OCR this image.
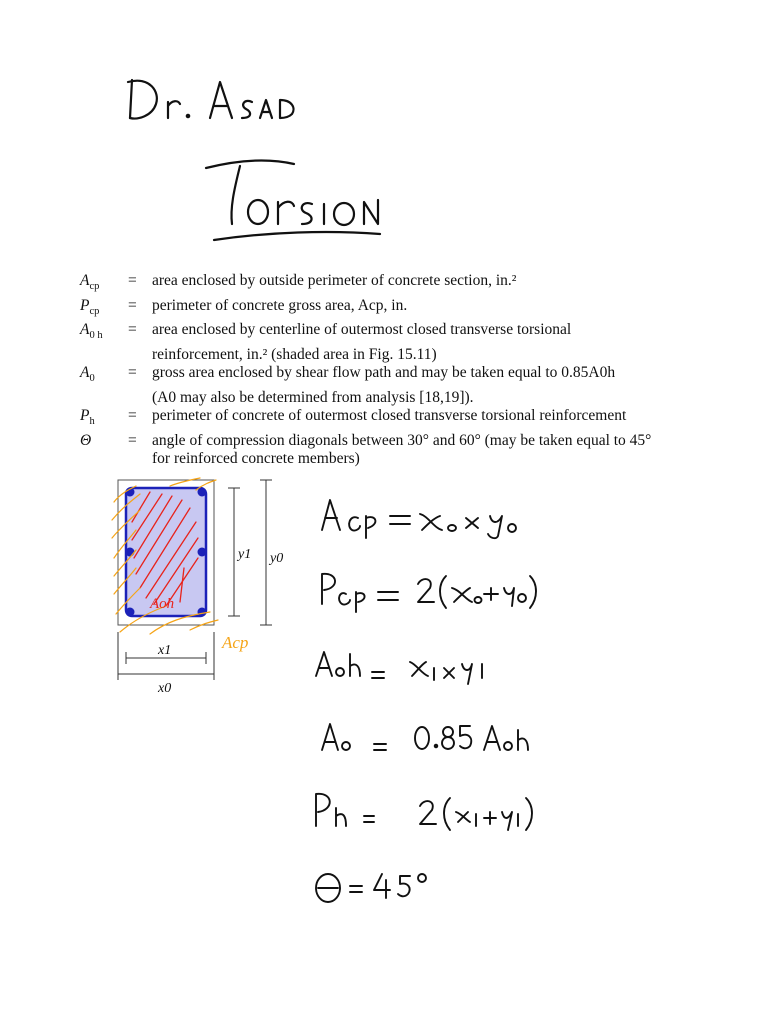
$A_{cp}$	= area enclosed by outside perimeter of concrete section, in.²
$P_{cp}$	= perimeter of concrete gross area, Acp, in.
$A_{0 h}$	= area enclosed by centerline of outermost closed transverse torsional
reinforcement, in.² (shaded area in Fig. 15.11)
$A_0$	= gross area enclosed by shear flow path and may be taken equal to 0.85A0h
(A0 may also be determined from analysis [18,19]).
$P_h$	= perimeter of concrete of outermost closed transverse torsional reinforcement
Θ	= angle of compression diagonals between 30° and 60° (may be taken equal to 45°
for reinforced concrete members)
y1 y0
x1
x0
Aoh
Acp
